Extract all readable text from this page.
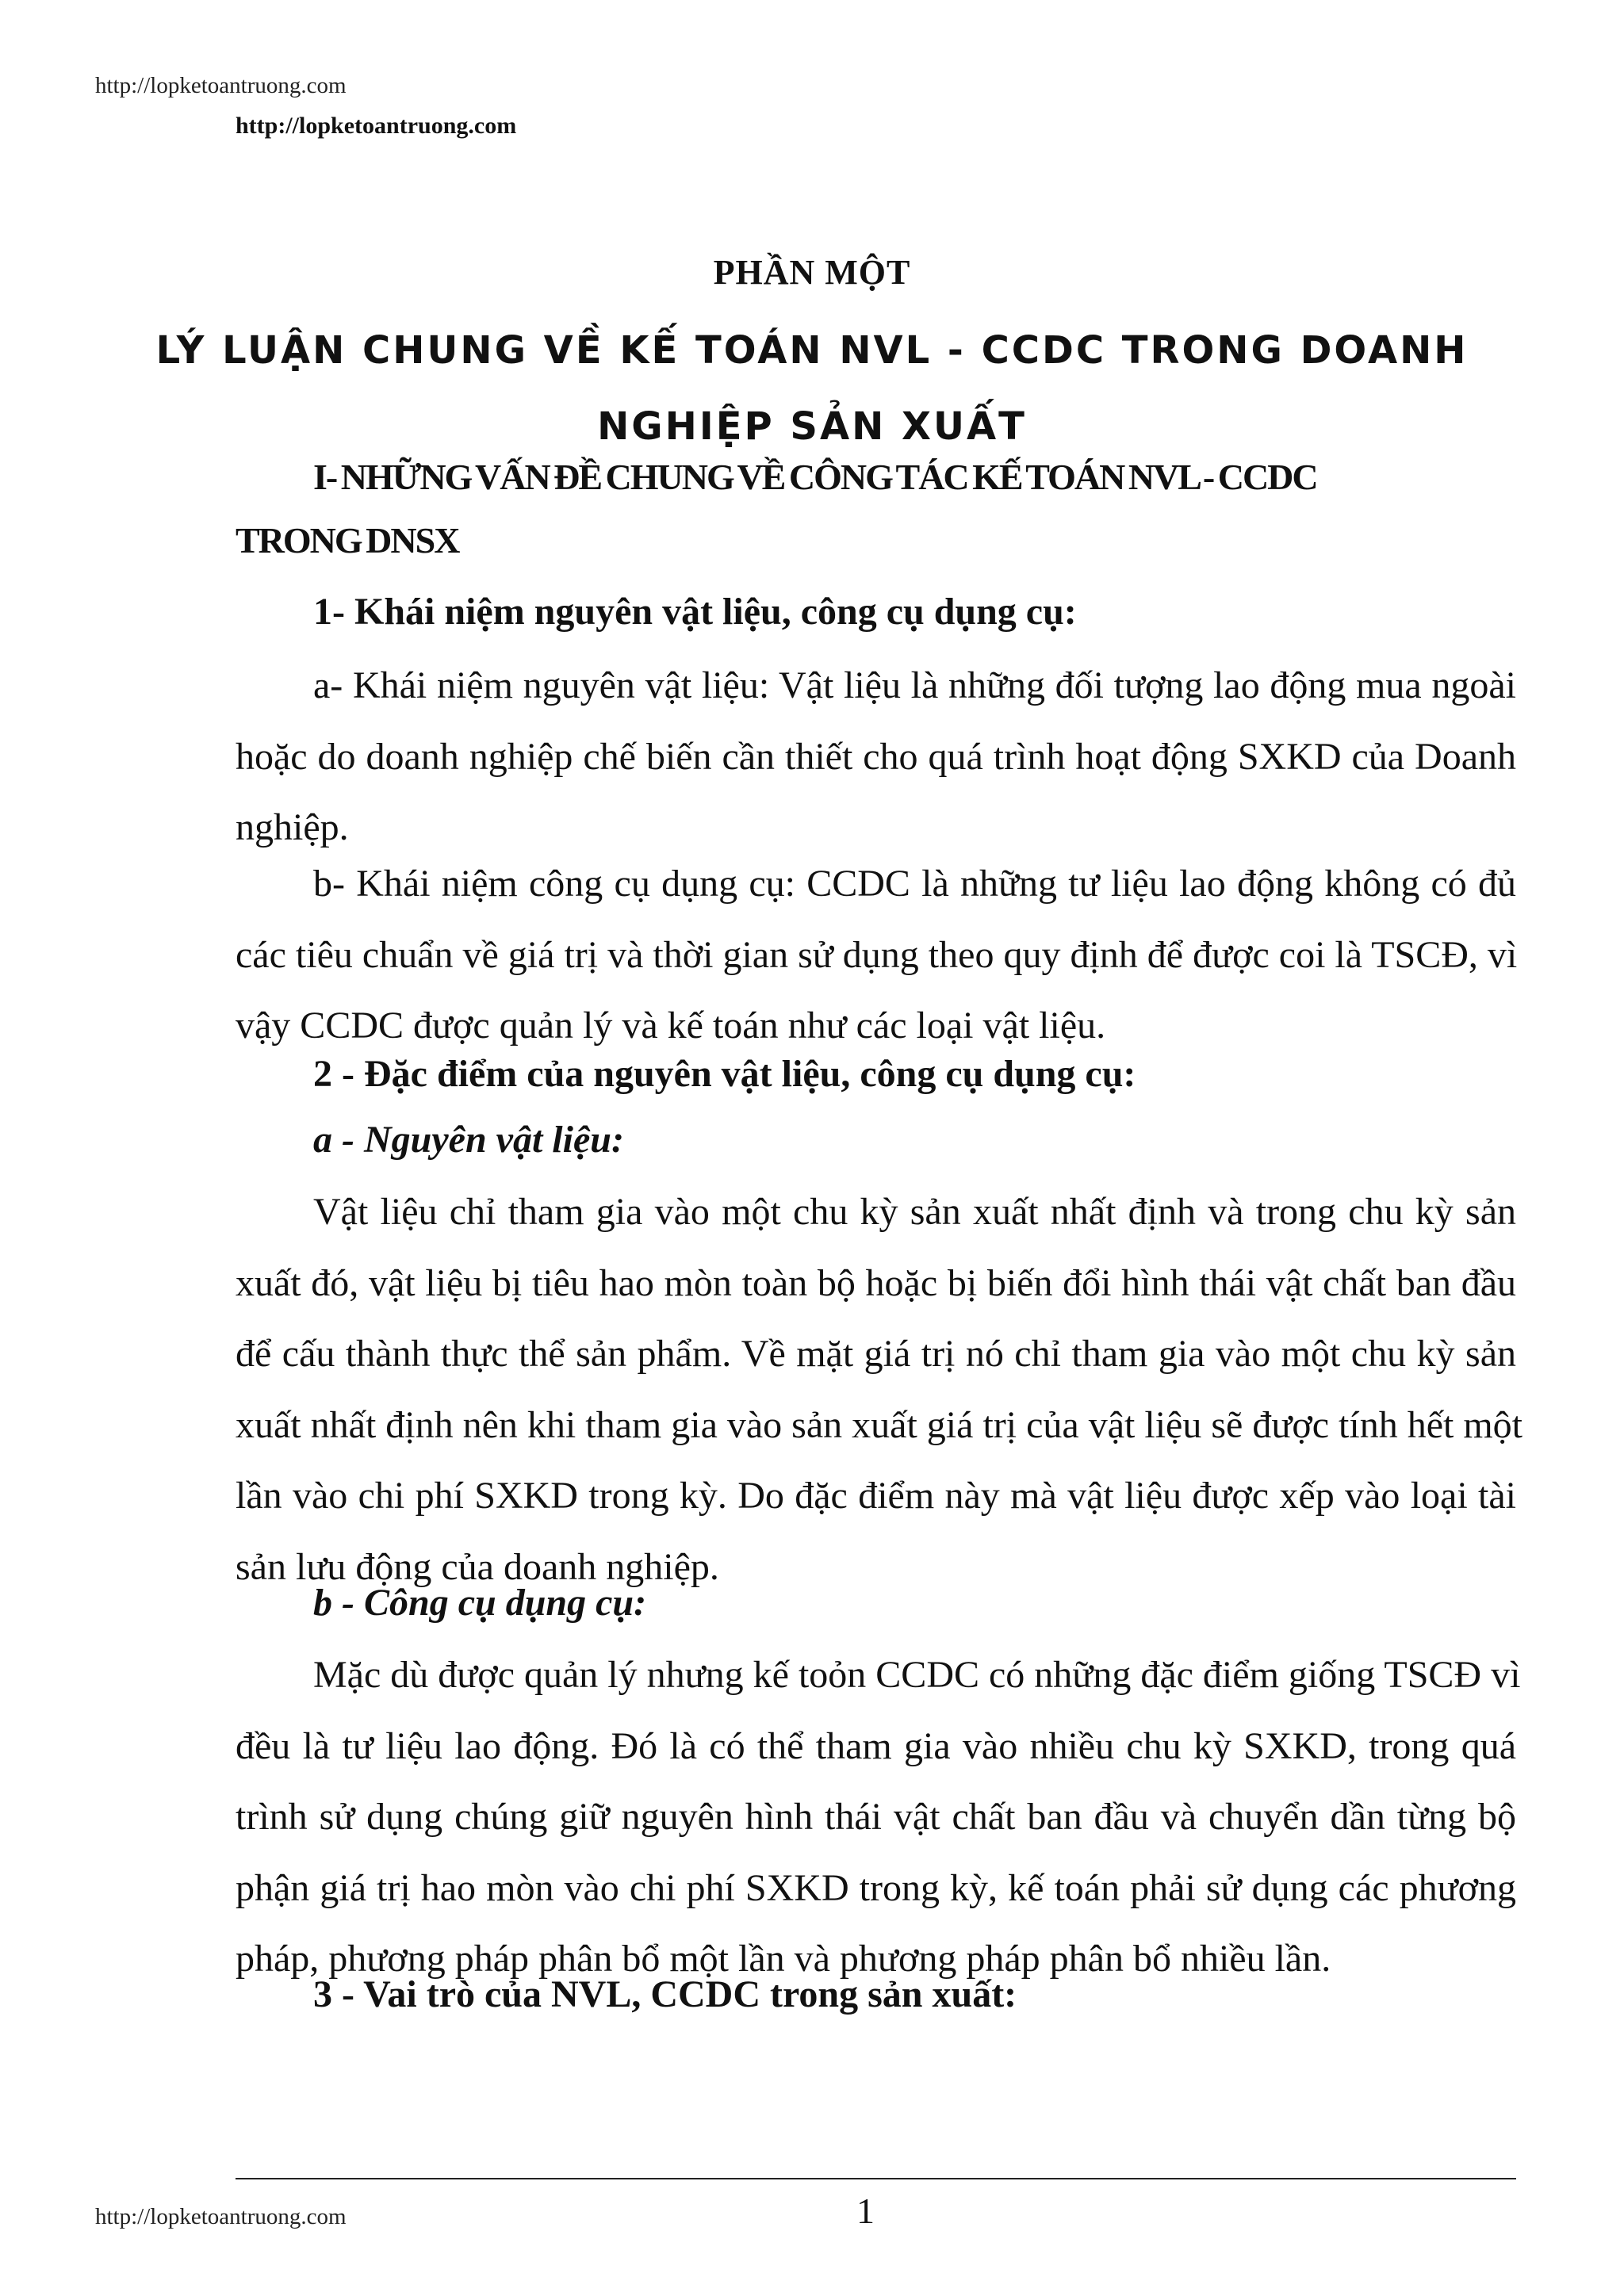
http://lopketoantruong.com
http://lopketoantruong.com
PHẦN MỘT
LÝ LUẬN CHUNG VỀ KẾ TOÁN NVL - CCDC TRONG DOANH
NGHIỆP SẢN XUẤT
I- NHỮNG VẤN ĐỀ CHUNG VỀ CÔNG TÁC KẾ TOÁN NVL - CCDC
TRONG DNSX
1- Khái niệm nguyên vật liệu, công cụ dụng cụ:
a- Khái niệm nguyên vật liệu: Vật liệu là những đối tượng lao động mua ngoài
hoặc do doanh nghiệp chế biến cần thiết cho quá trình hoạt động SXKD của Doanh
nghiệp.
b- Khái niệm công cụ dụng cụ: CCDC là những tư liệu lao động không có đủ
các tiêu chuẩn về giá trị và thời gian sử dụng theo quy định để được coi là TSCĐ, vì
vậy CCDC được quản lý và kế toán như các loại vật liệu.
2 - Đặc điểm của nguyên vật liệu, công cụ dụng cụ:
a - Nguyên vật liệu:
Vật liệu chỉ tham gia vào một chu kỳ sản xuất nhất định và trong chu kỳ sản
xuất đó, vật liệu bị tiêu hao mòn toàn bộ hoặc bị biến đổi hình thái vật chất ban đầu
để cấu thành thực thể sản phẩm. Về mặt giá trị nó chỉ tham gia vào một chu kỳ sản
xuất nhất định nên khi tham gia vào sản xuất giá trị của vật liệu sẽ được tính hết một
lần vào chi phí SXKD trong kỳ. Do đặc điểm này mà vật liệu được xếp vào loại tài
sản lưu động của doanh nghiệp.
b - Công cụ dụng cụ:
Mặc dù được quản lý nhưng kế toỏn CCDC có những đặc điểm giống TSCĐ vì
đều là tư liệu lao động. Đó là có thể tham gia vào nhiều chu kỳ SXKD, trong quá
trình sử dụng chúng giữ nguyên hình thái vật chất ban đầu và chuyển dần từng bộ
phận giá trị hao mòn vào chi phí SXKD trong kỳ, kế toán phải sử dụng các phương
pháp, phương pháp phân bổ một lần và phương pháp phân bổ nhiều lần.
3 - Vai trò của NVL, CCDC trong sản xuất:
http://lopketoantruong.com	1
